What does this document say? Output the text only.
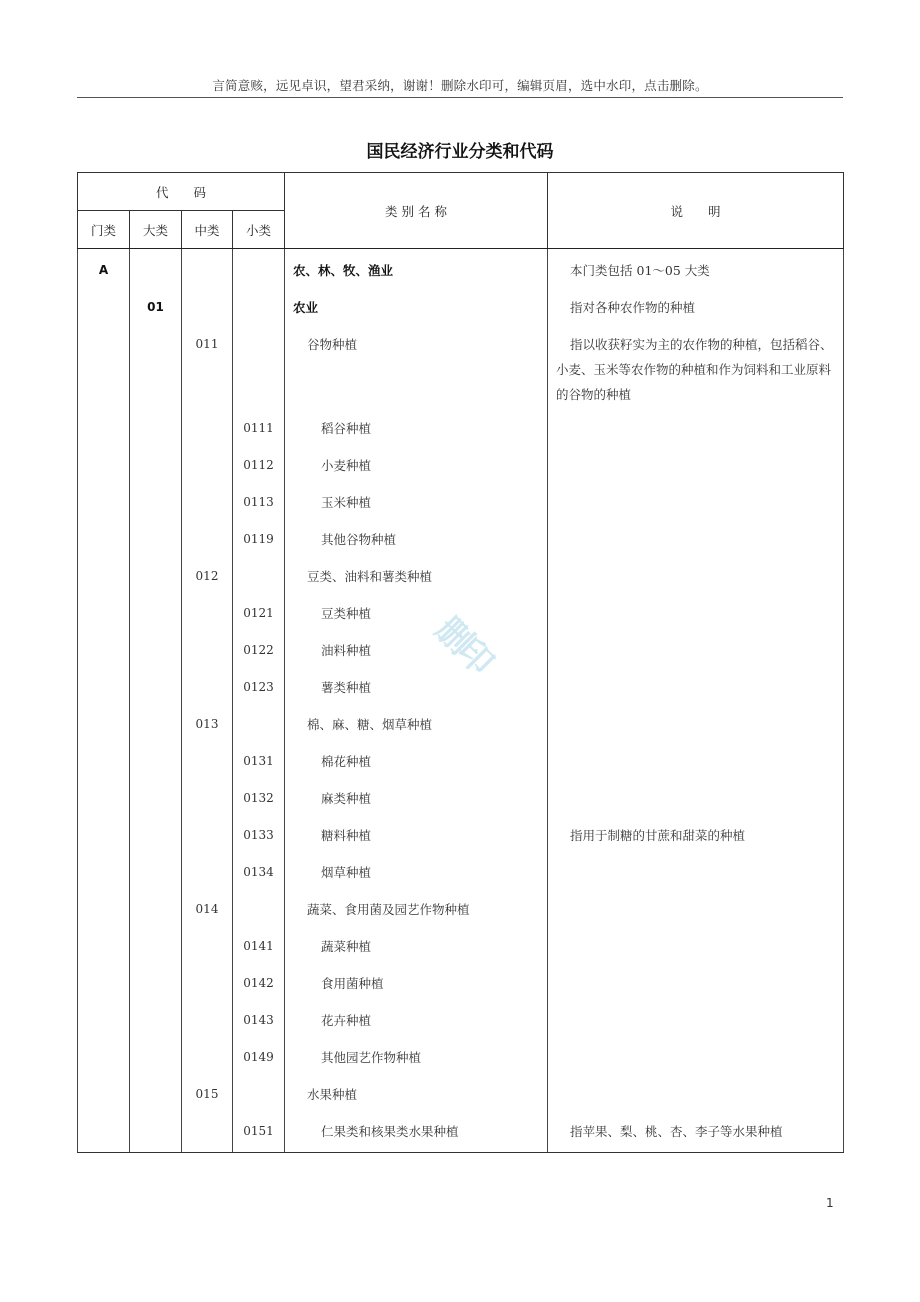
言简意赅，远见卓识，望君采纳，谢谢！删除水印可，编辑页眉，选中水印，点击删除。
国民经济行业分类和代码
代　　码				类 别 名 称	说　　明
门类	大类	中类	小类		
A				农、林、牧、渔业	本门类包括 01～05 大类
	01			农业	指对各种农作物的种植
		011		谷物种植	指以收获籽实为主的农作物的种植，包括稻谷、小麦、玉米等农作物的种植和作为饲料和工业原料的谷物的种植
			0111	稻谷种植	
			0112	小麦种植	
			0113	玉米种植	
			0119	其他谷物种植	
		012		豆类、油料和薯类种植	
			0121	豆类种植	
			0122	油料种植	
			0123	薯类种植	
		013		棉、麻、糖、烟草种植	
			0131	棉花种植	
			0132	麻类种植	
			0133	糖料种植	指用于制糖的甘蔗和甜菜的种植
			0134	烟草种植	
		014		蔬菜、食用菌及园艺作物种植	
			0141	蔬菜种植	
			0142	食用菌种植	
			0143	花卉种植	
			0149	其他园艺作物种植	
		015		水果种植	
			0151	仁果类和核果类水果种植	指苹果、梨、桃、杏、李子等水果种植
删印
1
